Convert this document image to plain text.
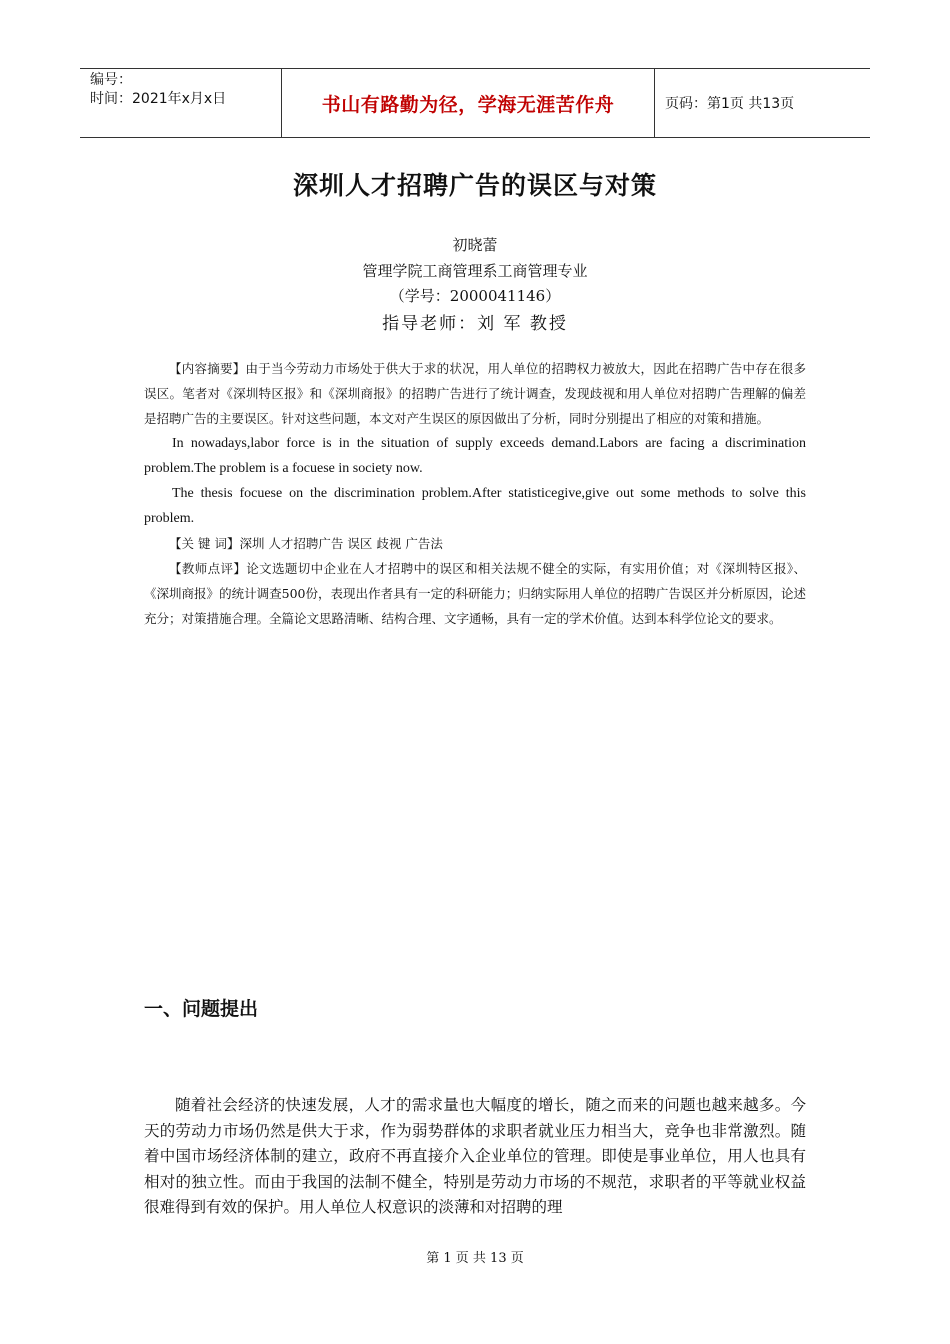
编号：
时间：2021年x月x日	书山有路勤为径，学海无涯苦作舟	页码：第1页 共13页
深圳人才招聘广告的误区与对策
初晓蕾
管理学院工商管理系工商管理专业
（学号：2000041146）
指导老师：刘 军 教授

【内容摘要】由于当今劳动力市场处于供大于求的状况，用人单位的招聘权力被放大，因此在招聘广告中存在很多误区。笔者对《深圳特区报》和《深圳商报》的招聘广告进行了统计调查，发现歧视和用人单位对招聘广告理解的偏差是招聘广告的主要误区。针对这些问题，本文对产生误区的原因做出了分析，同时分别提出了相应的对策和措施。

In nowadays,labor force is in the situation of supply exceeds demand.Labors are facing a discrimination problem.The problem is a focuese in society now.

The thesis focuese on the discrimination problem.After statisticegive,give out some methods to solve this problem.

【关 键 词】深圳 人才招聘广告 误区 歧视 广告法

【教师点评】论文选题切中企业在人才招聘中的误区和相关法规不健全的实际，有实用价值；对《深圳特区报》、《深圳商报》的统计调查500份，表现出作者具有一定的科研能力；归纳实际用人单位的招聘广告误区并分析原因，论述充分；对策措施合理。全篇论文思路清晰、结构合理、文字通畅，具有一定的学术价值。达到本科学位论文的要求。

一、问题提出

随着社会经济的快速发展，人才的需求量也大幅度的增长，随之而来的问题也越来越多。今天的劳动力市场仍然是供大于求，作为弱势群体的求职者就业压力相当大，竞争也非常激烈。随着中国市场经济体制的建立，政府不再直接介入企业单位的管理。即使是事业单位，用人也具有相对的独立性。而由于我国的法制不健全，特别是劳动力市场的不规范，求职者的平等就业权益很难得到有效的保护。用人单位人权意识的淡薄和对招聘的理

第 1 页 共 13 页
